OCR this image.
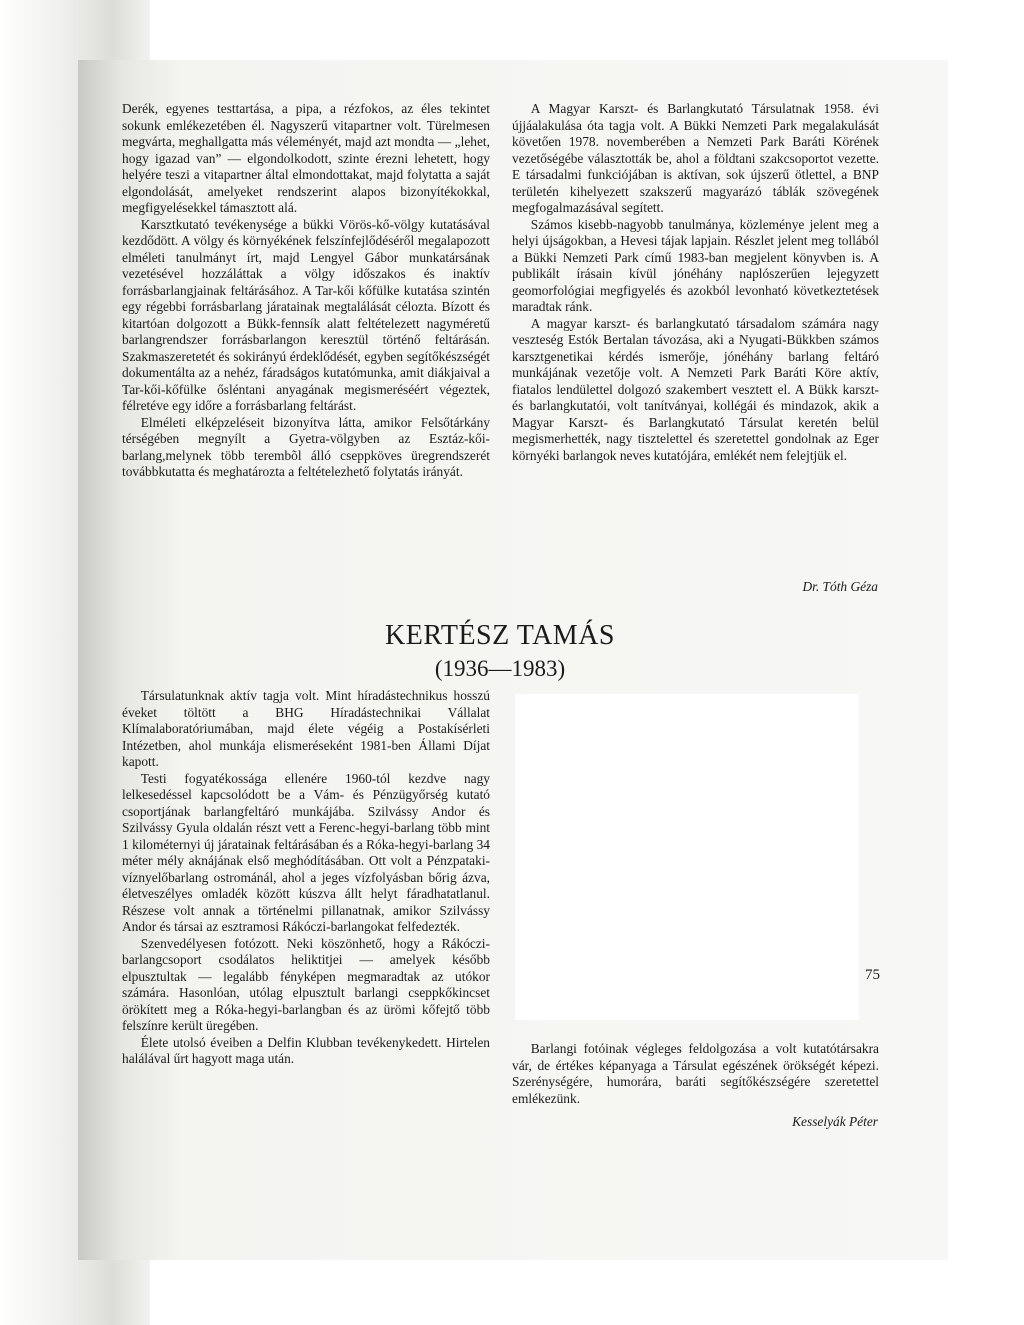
Derék, egyenes testtartása, a pipa, a rézfokos, az éles tekintet sokunk emlékezetében él. Nagyszerű vitapartner volt. Türelmesen megvárta, meghallgatta más véleményét, majd azt mondta — „lehet, hogy igazad van” — elgondolkodott, szinte érezni lehetett, hogy helyére teszi a vitapartner által elmondottakat, majd folytatta a saját elgondolását, amelyeket rendszerint alapos bizonyítékokkal, megfigyelésekkel támasztott alá.

Karsztkutató tevékenysége a bükki Vörös-kő-völgy kutatásával kezdődött. A völgy és környékének felszínfejlődéséről megalapozott elméleti tanulmányt írt, majd Lengyel Gábor munkatársának vezetésével hozzáláttak a völgy időszakos és inaktív forrásbarlangjainak feltárásához. A Tar-kői kőfülke kutatása szintén egy régebbi forrásbarlang járatainak megtalálását célozta. Bízott és kitartóan dolgozott a Bükk-fennsík alatt feltételezett nagyméretű barlangrendszer forrásbarlangon keresztül történő feltárásán. Szakmaszeretetét és sokirányú érdeklődését, egyben segítőkészségét dokumentálta az a nehéz, fáradságos kutatómunka, amit diákjaival a Tar-kői-kőfülke ősléntani anyagának megismeréséért végeztek, félretéve egy időre a forrásbarlang feltárást.

Elméleti elképzeléseit bizonyítva látta, amikor Felsőtárkány térségében megnyílt a Gyetra-völgyben az Esztáz-kői-barlang,melynek több terembõl álló cseppköves üregrendszerét továbbkutatta és meghatározta a feltételezhető folytatás irányát.

A Magyar Karszt- és Barlangkutató Társulatnak 1958. évi újjáalakulása óta tagja volt. A Bükki Nemzeti Park megalakulását követően 1978. novemberében a Nemzeti Park Baráti Körének vezetőségébe választották be, ahol a földtani szakcsoportot vezette. E társadalmi funkciójában is aktívan, sok újszerű ötlettel, a BNP területén kihelyezett szakszerű magyarázó táblák szövegének megfogalmazásával segített.

Számos kisebb-nagyobb tanulmánya, közleménye jelent meg a helyi újságokban, a Hevesi tájak lapjain. Részlet jelent meg tollából a Bükki Nemzeti Park című 1983-ban megjelent könyvben is. A publikált írásain kívül jónéhány naplószerűen lejegyzett geomorfológiai megfigyelés és azokból levonható következtetések maradtak ránk.

A magyar karszt- és barlangkutató társadalom számára nagy veszteség Estók Bertalan távozása, aki a Nyugati-Bükkben számos karsztgenetikai kérdés ismerője, jónéhány barlang feltáró munkájának vezetője volt. A Nemzeti Park Baráti Köre aktív, fiatalos lendülettel dolgozó szakembert vesztett el. A Bükk karszt- és barlangkutatói, volt tanítványai, kollégái és mindazok, akik a Magyar Karszt- és Barlangkutató Társulat keretén belül megismerhették, nagy tisztelettel és szeretettel gondolnak az Eger környéki barlangok neves kutatójára, emlékét nem felejtjük el.

Dr. Tóth Géza
KERTÉSZ TAMÁS
(1936—1983)

Társulatunknak aktív tagja volt. Mint híradástechnikus hosszú éveket töltött a BHG Híradástechnikai Vállalat Klímalaboratóriumában, majd élete végéig a Postakísérleti Intézetben, ahol munkája elismeréseként 1981-ben Állami Díjat kapott.

Testi fogyatékossága ellenére 1960-tól kezdve nagy lelkesedéssel kapcsolódott be a Vám- és Pénzügyőrség kutató csoportjának barlangfeltáró munkájába. Szilvássy Andor és Szilvássy Gyula oldalán részt vett a Ferenc-hegyi-barlang több mint 1 kilométernyi új járatainak feltárásában és a Róka-hegyi-barlang 34 méter mély aknájának első meghódításában. Ott volt a Pénzpataki-víznyelőbarlang ostrománál, ahol a jeges vízfolyásban bőrig ázva, életveszélyes omladék között kúszva állt helyt fáradhatatlanul. Részese volt annak a történelmi pillanatnak, amikor Szilvássy Andor és társai az esztramosi Rákóczi-barlangokat felfedezték.

Szenvedélyesen fotózott. Neki köszönhető, hogy a Rákóczi-barlangcsoport csodálatos heliktitjei — amelyek később elpusztultak — legalább fényképen megmaradtak az utókor számára. Hasonlóan, utólag elpusztult barlangi cseppkőkincset örökített meg a Róka-hegyi-barlangban és az ürömi kőfejtő több felszínre került üregében.

Élete utolsó éveiben a Delfin Klubban tevékenykedett. Hirtelen halálával űrt hagyott maga után.

Barlangi fotóinak végleges feldolgozása a volt kutatótársakra vár, de értékes képanyaga a Társulat egészének örökségét képezi. Szerénységére, humorára, baráti segítőkészségére szeretettel emlékezünk.

Kesselyák Péter
75
